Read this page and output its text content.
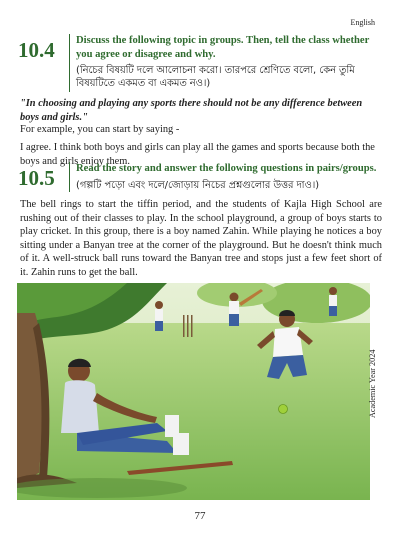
English
10.4	Discuss the following topic in groups. Then, tell the class whether you agree or disagree and why.
(নিচের বিষয়টি দলে আলোচনা করো। তারপরে শ্রেণিতে বলো, কেন তুমি বিষয়টিতে একমত বা একমত নও।)
"In choosing and playing any sports there should not be any difference between boys and girls."
For example, you can start by saying -
I agree. I think both boys and girls can play all the games and sports because both the boys and girls enjoy them.
10.5	Read the story and answer the following questions in pairs/groups.
(গল্পটি পড়ো এবং দলে/জোড়ায় নিচের প্রশ্নগুলোর উত্তর দাও।)
The bell rings to start the tiffin period, and the students of Kajla High School are rushing out of their classes to play. In the school playground, a group of boys starts to play cricket. In this group, there is a boy named Zahin. While playing he notices a boy sitting under a Banyan tree at the corner of the playground. But he doesn't think much of it. A well-struck ball runs toward the Banyan tree and stops just a few feet short of it. Zahin runs to get the ball.
Academic Year 2024
77
